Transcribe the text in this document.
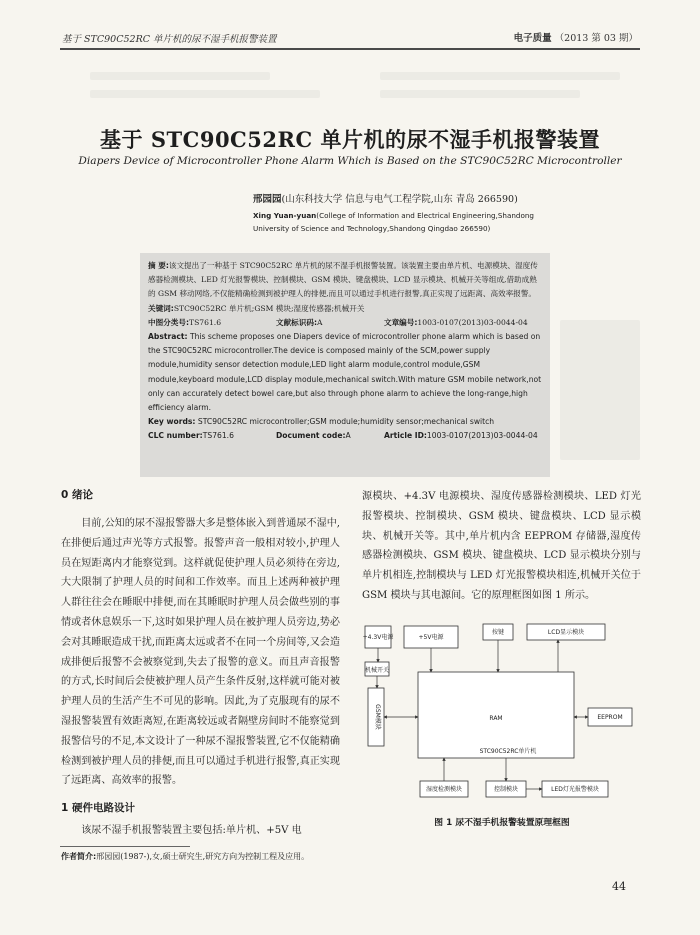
基于 STC90C52RC 单片机的尿不湿手机报警装置	电子质量 （2013 第 03 期）
基于 STC90C52RC 单片机的尿不湿手机报警装置
Diapers Device of Microcontroller Phone Alarm Which is Based on the STC90C52RC Microcontroller
邢园园(山东科技大学 信息与电气工程学院,山东 青岛 266590)
Xing Yuan-yuan(College of Information and Electrical Engineering,Shandong University of Science and Technology,Shandong Qingdao 266590)
摘 要:该文提出了一种基于 STC90C52RC 单片机的尿不湿手机报警装置。该装置主要由单片机、电源模块、湿度传感器检测模块、LED 灯光报警模块、控制模块、GSM 模块、键盘模块、LCD 显示模块、机械开关等组成,借助成熟的 GSM 移动网络,不仅能精确检测到被护理人的排便,而且可以通过手机进行报警,真正实现了远距离、高效率报警。
关键词:STC90C52RC 单片机;GSM 模块;湿度传感器;机械开关
中图分类号: TS761.6	文献标识码: A	文章编号: 1003-0107(2013)03-0044-04
Abstract: This scheme proposes one Diapers device of microcontroller phone alarm which is based on the STC90C52RC microcontroller.The device is composed mainly of the SCM,power supply module,humidity sensor detection module,LED light alarm module,control module,GSM module,keyboard module,LCD display module,mechanical switch.With mature GSM mobile network,not only can accurately detect bowel care,but also through phone alarm to achieve the long-range,high efficiency alarm.
Key words: STC90C52RC microcontroller;GSM module;humidity sensor;mechanical switch
CLC number: TS761.6	Document code: A	Article ID: 1003-0107(2013)03-0044-04
0 绪论
目前,公知的尿不湿报警器大多是整体嵌入到普通尿不湿中,在排便后通过声光等方式报警。报警声音一般相对较小,护理人员在短距离内才能察觉到。这样就促使护理人员必须待在旁边,大大限制了护理人员的时间和工作效率。而且上述两种被护理人群往往会在睡眠中排便,而在其睡眠时护理人员会做些别的事情或者休息娱乐一下,这时如果护理人员在被护理人员旁边,势必会对其睡眠造成干扰,而距离太远或者不在同一个房间等,又会造成排便后报警不会被察觉到,失去了报警的意义。而且声音报警的方式,长时间后会使被护理人员产生条件反射,这样就可能对被护理人员的生活产生不可见的影响。因此,为了克服现有的尿不湿报警装置有效距离短,在距离较远或者隔壁房间时不能察觉到报警信号的不足,本文设计了一种尿不湿报警装置,它不仅能精确检测到被护理人员的排便,而且可以通过手机进行报警,真正实现了远距离、高效率的报警。
1 硬件电路设计
该尿不湿手机报警装置主要包括:单片机、+5V 电
作者简介:邢园园(1987-),女,硕士研究生,研究方向为控制工程及应用。
源模块、+4.3V 电源模块、湿度传感器检测模块、LED 灯光报警模块、控制模块、GSM 模块、键盘模块、LCD 显示模块、机械开关等。其中,单片机内含 EEPROM 存储器,湿度传感器检测模块、GSM 模块、键盘模块、LCD 显示模块分别与单片机相连,控制模块与 LED 灯光报警模块相连,机械开关位于 GSM 模块与其电源间。它的原理框图如图 1 所示。
+4.3V电源	+5V电源
按键	LCD显示模块
机械开关
GSM模块	RAM
STC90C52RC单片机
EEPROM
湿度检测模块	控制模块	LED灯光报警模块
图 1 尿不湿手机报警装置原理框图
44
